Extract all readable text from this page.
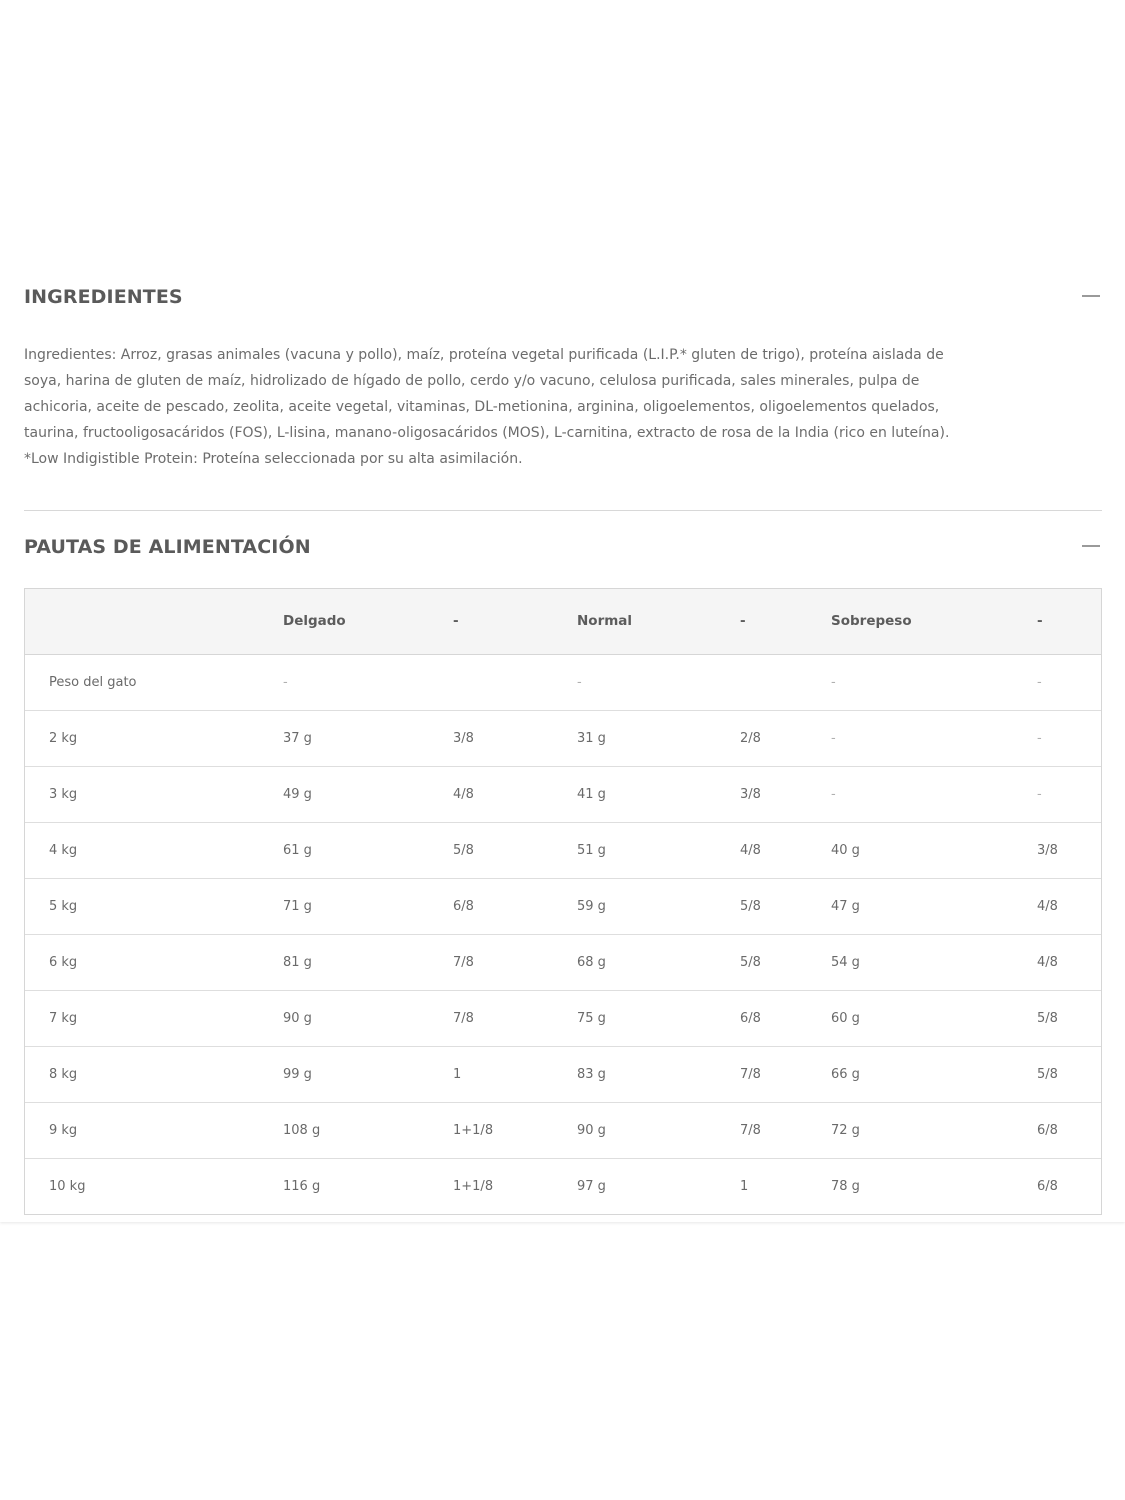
INGREDIENTES

Ingredientes: Arroz, grasas animales (vacuna y pollo), maíz, proteína vegetal purificada (L.I.P.* gluten de trigo), proteína aislada de

soya, harina de gluten de maíz, hidrolizado de hígado de pollo, cerdo y/o vacuno, celulosa purificada, sales minerales, pulpa de

achicoria, aceite de pescado, zeolita, aceite vegetal, vitaminas, DL-metionina, arginina, oligoelementos, oligoelementos quelados,

taurina, fructooligosacáridos (FOS), L-lisina, manano-oligosacáridos (MOS), L-carnitina, extracto de rosa de la India (rico en luteína).

*Low Indigistible Protein: Proteína seleccionada por su alta asimilación.

PAUTAS DE ALIMENTACIÓN
	Delgado	-	Normal	-	Sobrepeso	-
Peso del gato	-		-		-	-
2 kg	37 g	3/8	31 g	2/8	-	-
3 kg	49 g	4/8	41 g	3/8	-	-
4 kg	61 g	5/8	51 g	4/8	40 g	3/8
5 kg	71 g	6/8	59 g	5/8	47 g	4/8
6 kg	81 g	7/8	68 g	5/8	54 g	4/8
7 kg	90 g	7/8	75 g	6/8	60 g	5/8
8 kg	99 g	1	83 g	7/8	66 g	5/8
9 kg	108 g	1+1/8	90 g	7/8	72 g	6/8
10 kg	116 g	1+1/8	97 g	1	78 g	6/8
